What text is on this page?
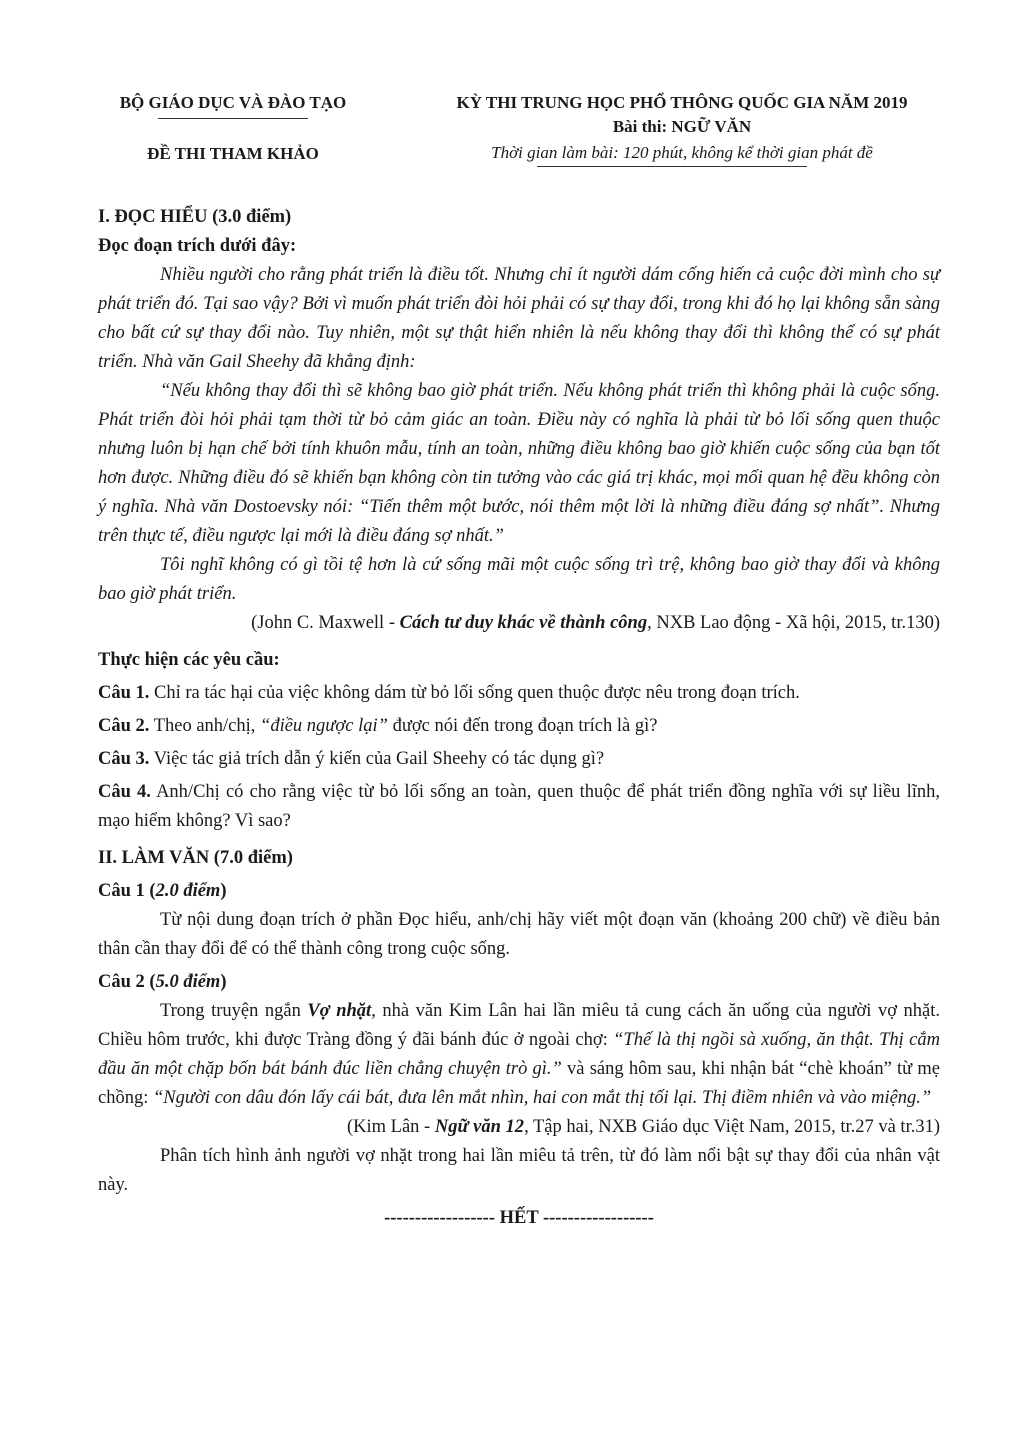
BỘ GIÁO DỤC VÀ ĐÀO TẠO
ĐỀ THI THAM KHẢO
KỲ THI TRUNG HỌC PHỔ THÔNG QUỐC GIA NĂM 2019
Bài thi: NGỮ VĂN
Thời gian làm bài: 120 phút, không kể thời gian phát đề

I. ĐỌC HIỂU (3.0 điểm)

Đọc đoạn trích dưới đây:

Nhiều người cho rằng phát triển là điều tốt. Nhưng chỉ ít người dám cống hiến cả cuộc đời mình cho sự phát triển đó. Tại sao vậy? Bởi vì muốn phát triển đòi hỏi phải có sự thay đổi, trong khi đó họ lại không sẵn sàng cho bất cứ sự thay đổi nào. Tuy nhiên, một sự thật hiển nhiên là nếu không thay đổi thì không thể có sự phát triển. Nhà văn Gail Sheehy đã khẳng định:

“Nếu không thay đổi thì sẽ không bao giờ phát triển. Nếu không phát triển thì không phải là cuộc sống. Phát triển đòi hỏi phải tạm thời từ bỏ cảm giác an toàn. Điều này có nghĩa là phải từ bỏ lối sống quen thuộc nhưng luôn bị hạn chế bởi tính khuôn mẫu, tính an toàn, những điều không bao giờ khiến cuộc sống của bạn tốt hơn được. Những điều đó sẽ khiến bạn không còn tin tưởng vào các giá trị khác, mọi mối quan hệ đều không còn ý nghĩa. Nhà văn Dostoevsky nói: “Tiến thêm một bước, nói thêm một lời là những điều đáng sợ nhất”. Nhưng trên thực tế, điều ngược lại mới là điều đáng sợ nhất.”

Tôi nghĩ không có gì tồi tệ hơn là cứ sống mãi một cuộc sống trì trệ, không bao giờ thay đổi và không bao giờ phát triển.

(John C. Maxwell - Cách tư duy khác về thành công, NXB Lao động - Xã hội, 2015, tr.130)

Thực hiện các yêu cầu:

Câu 1. Chỉ ra tác hại của việc không dám từ bỏ lối sống quen thuộc được nêu trong đoạn trích.

Câu 2. Theo anh/chị, “điều ngược lại” được nói đến trong đoạn trích là gì?

Câu 3. Việc tác giả trích dẫn ý kiến của Gail Sheehy có tác dụng gì?

Câu 4. Anh/Chị có cho rằng việc từ bỏ lối sống an toàn, quen thuộc để phát triển đồng nghĩa với sự liều lĩnh, mạo hiểm không? Vì sao?

II. LÀM VĂN (7.0 điểm)

Câu 1 (2.0 điểm)

Từ nội dung đoạn trích ở phần Đọc hiểu, anh/chị hãy viết một đoạn văn (khoảng 200 chữ) về điều bản thân cần thay đổi để có thể thành công trong cuộc sống.

Câu 2 (5.0 điểm)

Trong truyện ngắn Vợ nhặt, nhà văn Kim Lân hai lần miêu tả cung cách ăn uống của người vợ nhặt. Chiều hôm trước, khi được Tràng đồng ý đãi bánh đúc ở ngoài chợ: “Thế là thị ngồi sà xuống, ăn thật. Thị cắm đầu ăn một chặp bốn bát bánh đúc liền chẳng chuyện trò gì.” và sáng hôm sau, khi nhận bát “chè khoán” từ mẹ chồng: “Người con dâu đón lấy cái bát, đưa lên mắt nhìn, hai con mắt thị tối lại. Thị điềm nhiên và vào miệng.”

(Kim Lân - Ngữ văn 12, Tập hai, NXB Giáo dục Việt Nam, 2015, tr.27 và tr.31)

Phân tích hình ảnh người vợ nhặt trong hai lần miêu tả trên, từ đó làm nổi bật sự thay đổi của nhân vật này.

------------------ HẾT ------------------
